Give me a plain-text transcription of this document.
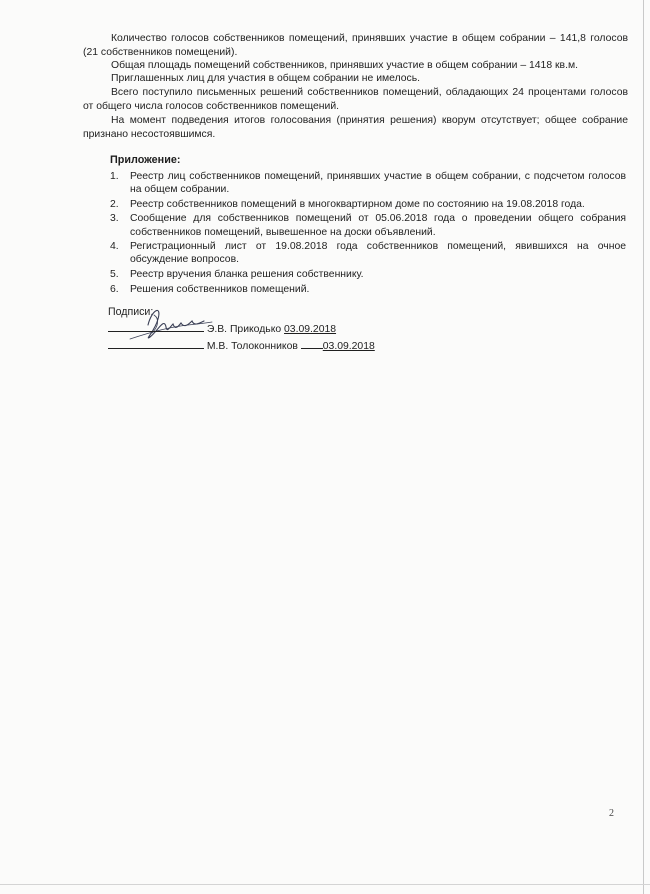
Количество голосов собственников помещений, принявших участие в общем собрании – 141,8 голосов (21 собственников помещений).
Общая площадь помещений собственников, принявших участие в общем собрании – 1418 кв.м.
Приглашенных лиц для участия в общем собрании не имелось.
Всего поступило письменных решений собственников помещений, обладающих 24 процентами голосов от общего числа голосов собственников помещений.
На момент подведения итогов голосования (принятия решения) кворум отсутствует; общее собрание признано несостоявшимся.
Приложение:
1. Реестр лиц собственников помещений, принявших участие в общем собрании, с подсчетом голосов на общем собрании.
2. Реестр собственников помещений в многоквартирном доме по состоянию на 19.08.2018 года.
3. Сообщение для собственников помещений от 05.06.2018 года о проведении общего собрания собственников помещений, вывешенное на доски объявлений.
4. Регистрационный лист от 19.08.2018 года собственников помещений, явившихся на очное обсуждение вопросов.
5. Реестр вручения бланка решения собственнику.
6. Решения собственников помещений.
Подписи:
Э.В. Прикодько 03.09.2018
М.В. Толоконников 03.09.2018
2
